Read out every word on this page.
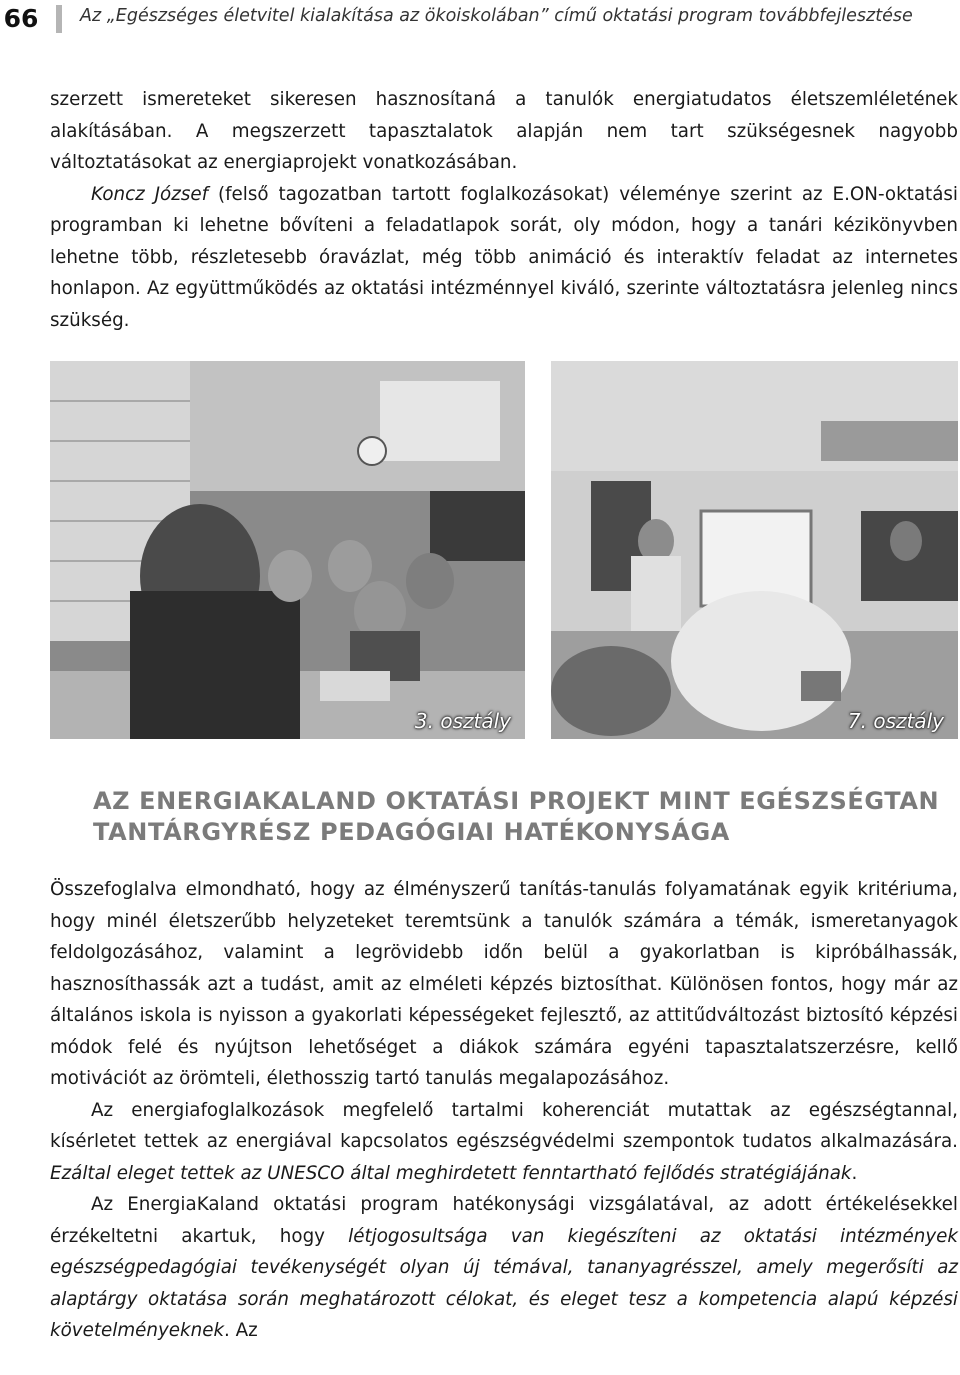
66 Az „Egészséges életvitel kialakítása az ökoiskolában” című oktatási program továbbfejlesztése

szerzett ismereteket sikeresen hasznosítaná a tanulók energiatudatos életszemléletének alakításában. A megszerzett tapasztalatok alapján nem tart szükségesnek nagyobb változtatásokat az energiaprojekt vonatkozásában.

Koncz József (felső tagozatban tartott foglalkozásokat) véleménye szerint az E.ON-oktatási programban ki lehetne bővíteni a feladatlapok sorát, oly módon, hogy a tanári kézikönyvben lehetne több, részletesebb óravázlat, még több animáció és interaktív feladat az internetes honlapon. Az együttműködés az oktatási intézménnyel kiváló, szerinte változtatásra jelenleg nincs szükség.

3. osztály	7. osztály
AZ ENERGIAKALAND OKTATÁSI PROJEKT MINT EGÉSZSÉGTAN TANTÁRGYRÉSZ PEDAGÓGIAI HATÉKONYSÁGA

Összefoglalva elmondható, hogy az élményszerű tanítás-tanulás folyamatának egyik kritériuma, hogy minél életszerűbb helyzeteket teremtsünk a tanulók számára a témák, ismeretanyagok feldolgozásához, valamint a legrövidebb időn belül a gyakorlatban is kipróbálhassák, hasznosíthassák azt a tudást, amit az elméleti képzés biztosíthat. Különösen fontos, hogy már az általános iskola is nyisson a gyakorlati képességeket fejlesztő, az attitűdváltozást biztosító képzési módok felé és nyújtson lehetőséget a diákok számára egyéni tapasztalatszerzésre, kellő motivációt az örömteli, élethosszig tartó tanulás megalapozásához.

Az energiafoglalkozások megfelelő tartalmi koherenciát mutattak az egészségtannal, kísérletet tettek az energiával kapcsolatos egészségvédelmi szempontok tudatos alkalmazására. Ezáltal eleget tettek az UNESCO által meghirdetett fenntartható fejlődés stratégiájának.

Az EnergiaKaland oktatási program hatékonysági vizsgálatával, az adott értékelésekkel érzékeltetni akartuk, hogy létjogosultsága van kiegészíteni az oktatási intézmények egészségpedagógiai tevékenységét olyan új témával, tananyagrésszel, amely megerősíti az alaptárgy oktatása során meghatározott célokat, és eleget tesz a kompetencia alapú képzési követelményeknek. Az
